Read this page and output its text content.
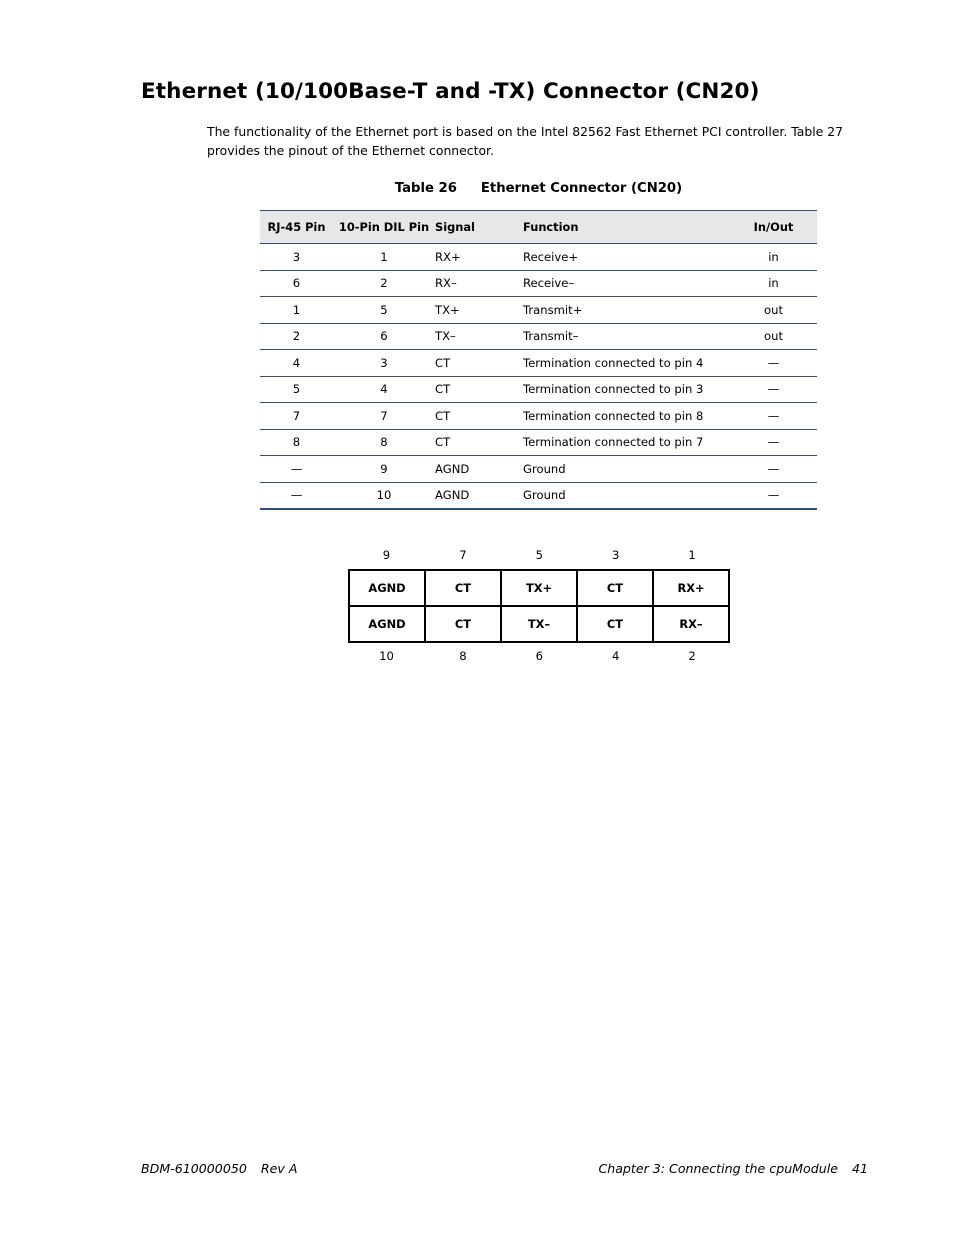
Ethernet (10/100Base-T and -TX) Connector (CN20)

The functionality of the Ethernet port is based on the Intel 82562 Fast Ethernet PCI controller. Table 27 provides the pinout of the Ethernet connector.

Table 26 Ethernet Connector (CN20)
RJ-45 Pin	10-Pin DIL Pin	Signal	Function	In/Out
3	1	RX+	Receive+	in
6	2	RX–	Receive–	in
1	5	TX+	Transmit+	out
2	6	TX–	Transmit–	out
4	3	CT	Termination connected to pin 4	—
5	4	CT	Termination connected to pin 3	—
7	7	CT	Termination connected to pin 8	—
8	8	CT	Termination connected to pin 7	—
—	9	AGND	Ground	—
—	10	AGND	Ground	—
9	7	5	3	1
AGND	CT	TX+	CT	RX+
AGND	CT	TX–	CT	RX–
10	8	6	4	2
BDM-610000050 Rev A	Chapter 3: Connecting the cpuModule 41
